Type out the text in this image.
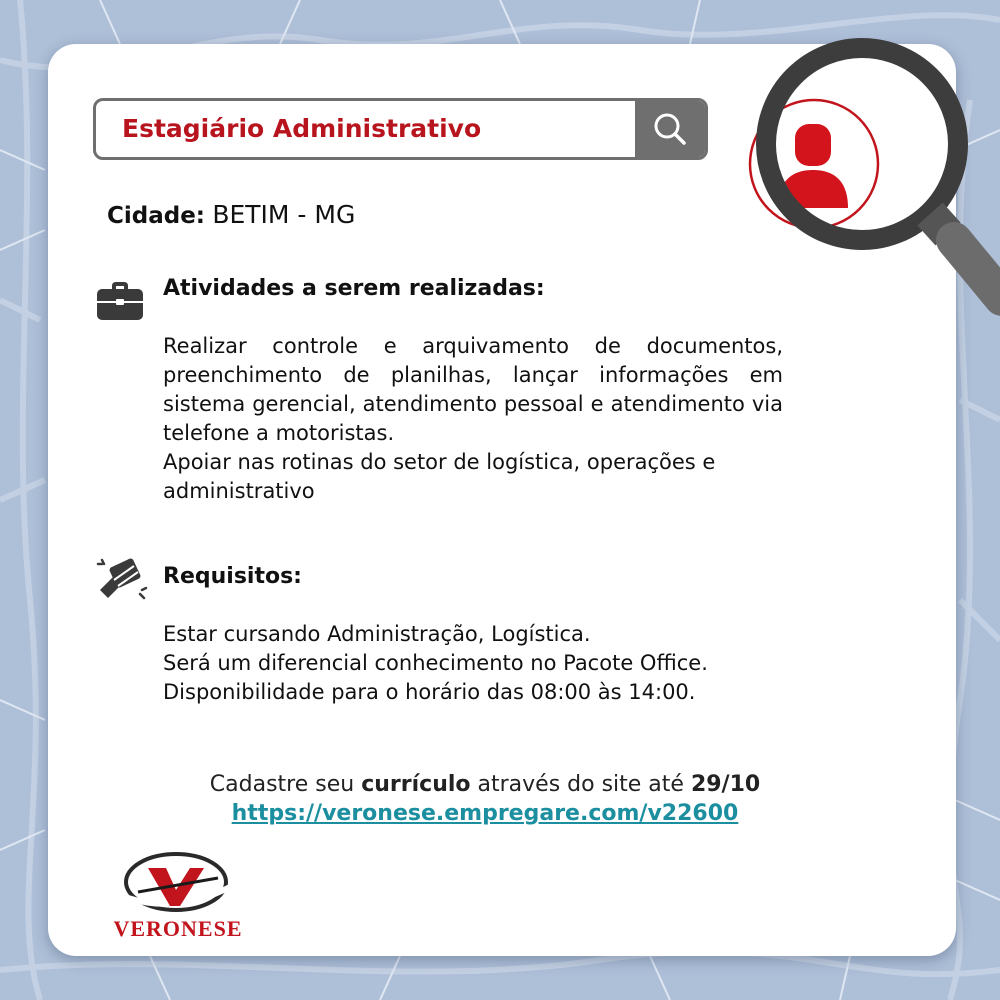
Estagiário Administrativo
Cidade: BETIM - MG
Atividades a serem realizadas:

Realizar controle e arquivamento de documentos, preenchimento de planilhas, lançar informações em sistema gerencial, atendimento pessoal e atendimento via telefone a motoristas.

Apoiar nas rotinas do setor de logística, operações e administrativo

Requisitos:

Estar cursando Administração, Logística.

Será um diferencial conhecimento no Pacote Office.

Disponibilidade para o horário das 08:00 às 14:00.

Cadastre seu currículo através do site até 29/10
https://veronese.empregare.com/v22600
VERONESE
